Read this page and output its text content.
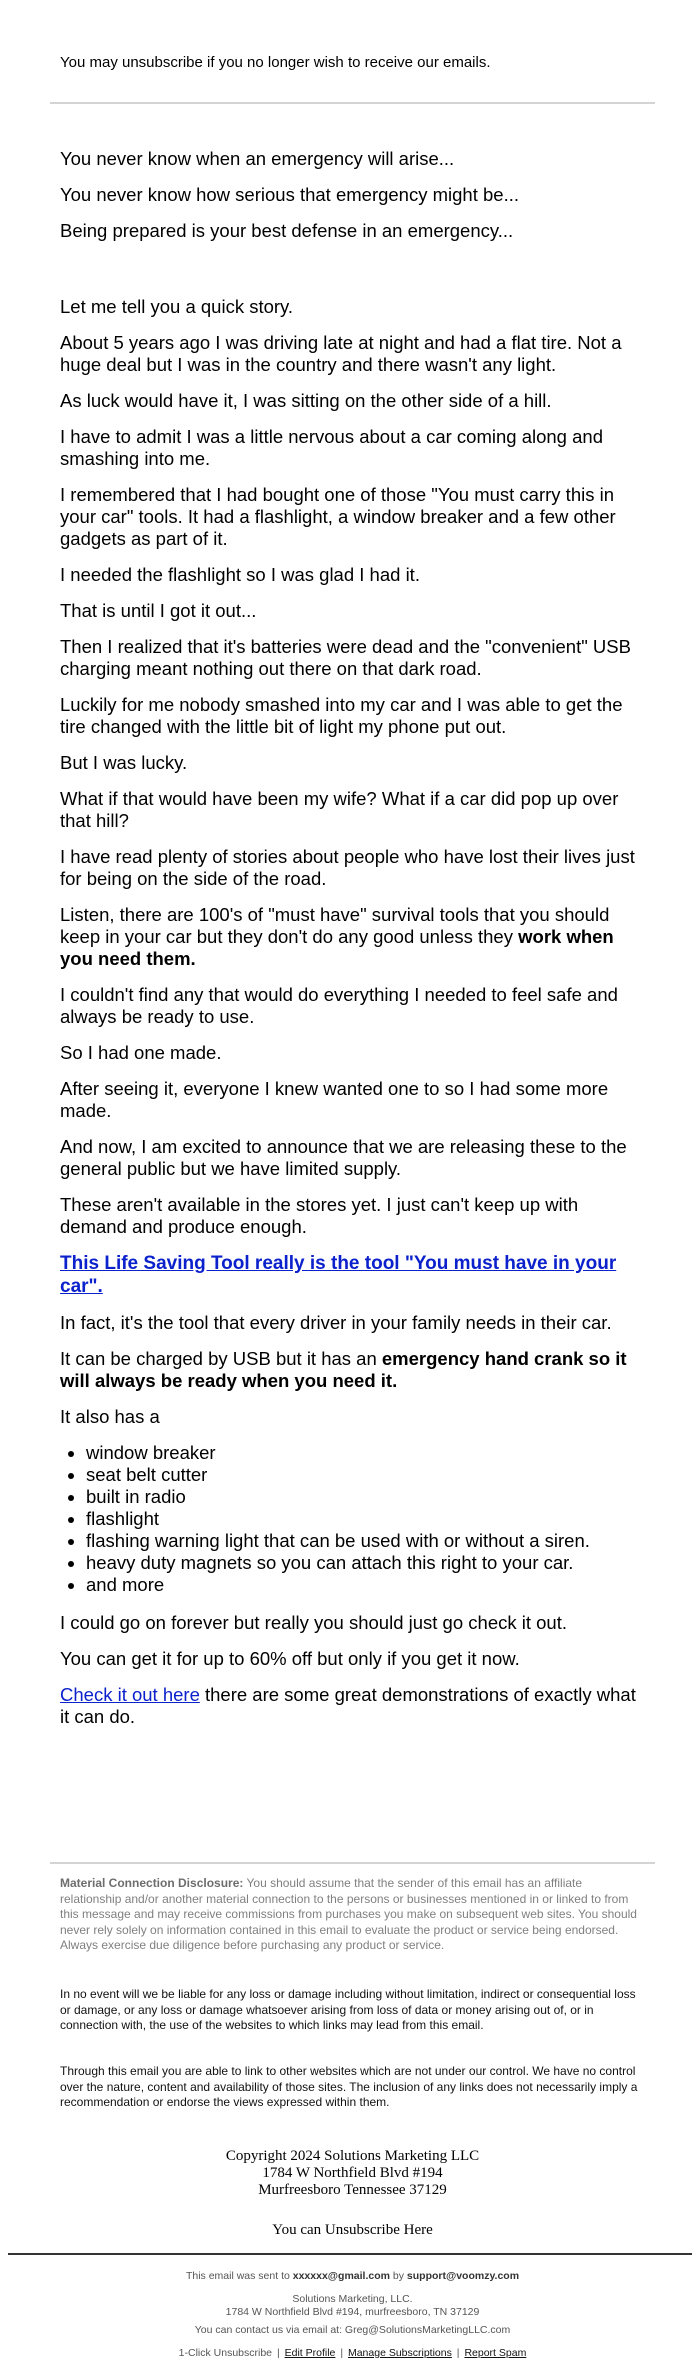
You may unsubscribe if you no longer wish to receive our emails.

You never know when an emergency will arise...

You never know how serious that emergency might be...

Being prepared is your best defense in an emergency...

Let me tell you a quick story.

About 5 years ago I was driving late at night and had a flat tire. Not a huge deal but I was in the country and there wasn't any light.

As luck would have it, I was sitting on the other side of a hill.

I have to admit I was a little nervous about a car coming along and smashing into me.

I remembered that I had bought one of those "You must carry this in your car" tools. It had a flashlight, a window breaker and a few other gadgets as part of it.

I needed the flashlight so I was glad I had it.

That is until I got it out...

Then I realized that it's batteries were dead and the "convenient" USB charging meant nothing out there on that dark road.

Luckily for me nobody smashed into my car and I was able to get the tire changed with the little bit of light my phone put out.

But I was lucky.

What if that would have been my wife? What if a car did pop up over that hill?

I have read plenty of stories about people who have lost their lives just for being on the side of the road.

Listen, there are 100's of "must have" survival tools that you should keep in your car but they don't do any good unless they work when you need them.

I couldn't find any that would do everything I needed to feel safe and always be ready to use.

So I had one made.

After seeing it, everyone I knew wanted one to so I had some more made.

And now, I am excited to announce that we are releasing these to the general public but we have limited supply.

These aren't available in the stores yet. I just can't keep up with demand and produce enough.

This Life Saving Tool really is the tool "You must have in your car".

In fact, it's the tool that every driver in your family needs in their car.

It can be charged by USB but it has an emergency hand crank so it will always be ready when you need it.

It also has a

• window breaker
• seat belt cutter
• built in radio
• flashlight
• flashing warning light that can be used with or without a siren.
• heavy duty magnets so you can attach this right to your car.
• and more

I could go on forever but really you should just go check it out.

You can get it for up to 60% off but only if you get it now.

Check it out here there are some great demonstrations of exactly what it can do.

Material Connection Disclosure: You should assume that the sender of this email has an affiliate relationship and/or another material connection to the persons or businesses mentioned in or linked to from this message and may receive commissions from purchases you make on subsequent web sites. You should never rely solely on information contained in this email to evaluate the product or service being endorsed. Always exercise due diligence before purchasing any product or service.
In no event will we be liable for any loss or damage including without limitation, indirect or consequential loss or damage, or any loss or damage whatsoever arising from loss of data or money arising out of, or in connection with, the use of the websites to which links may lead from this email.
Through this email you are able to link to other websites which are not under our control. We have no control over the nature, content and availability of those sites. The inclusion of any links does not necessarily imply a recommendation or endorse the views expressed within them.
Copyright 2024 Solutions Marketing LLC
1784 W Northfield Blvd #194
Murfreesboro Tennessee 37129
You can Unsubscribe Here
This email was sent to xxxxxx@gmail.com by support@voomzy.com
Solutions Marketing, LLC.
1784 W Northfield Blvd #194, murfreesboro, TN 37129
You can contact us via email at: Greg@SolutionsMarketingLLC.com
1-Click Unsubscribe | Edit Profile | Manage Subscriptions | Report Spam
